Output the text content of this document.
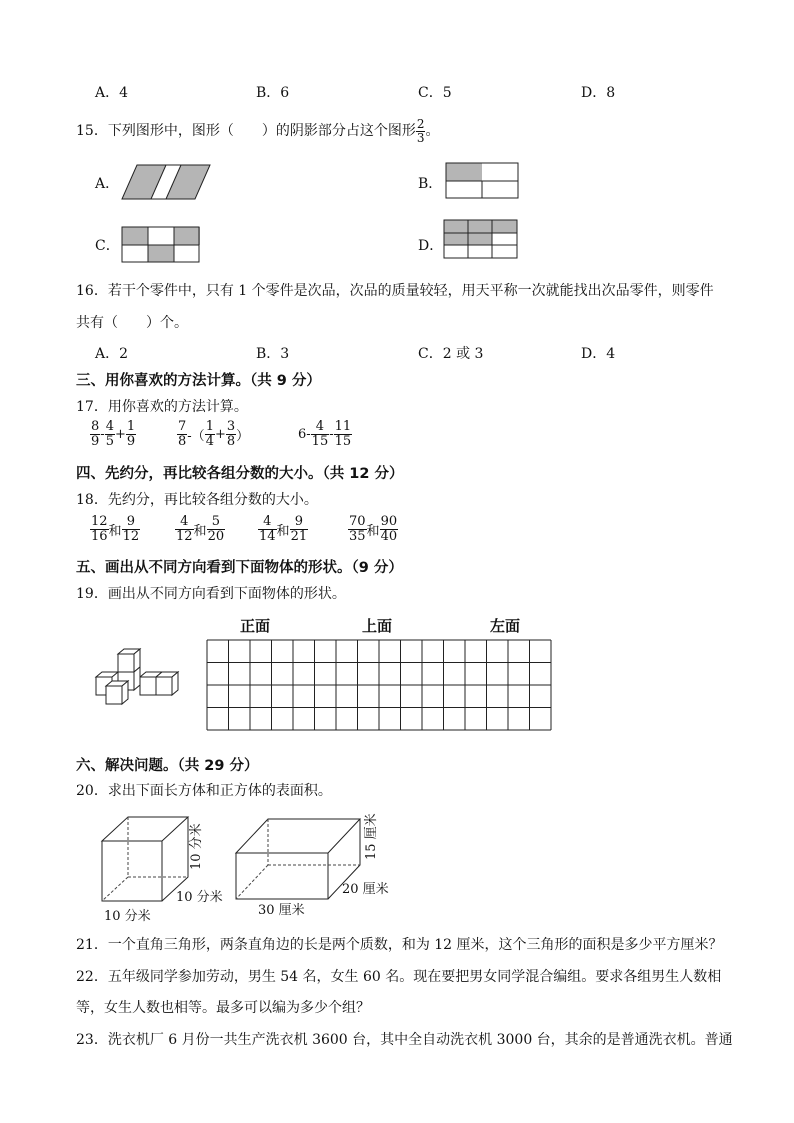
A．4	B．6	C．5	D．8
15．下列图形中，图形（　　）的阴影部分占这个图形 $\frac{2}{3}$ 。
A．	B．
C．	D．
16．若干个零件中，只有 1 个零件是次品，次品的质量较轻，用天平称一次就能找出次品零件，则零件
共有（　　）个。
A．2	B．3	C．2 或 3	D．4
三、用你喜欢的方法计算。（共 9 分）
17．用你喜欢的方法计算。
$\frac{8}{9} - \frac{4}{5} + \frac{1}{9}$	$\frac{7}{8}$ -（ $\frac{1}{4} + \frac{3}{8}$ ）	$6- \frac{4}{15} - \frac{11}{15}$
四、先约分，再比较各组分数的大小。（共 12 分）
18．先约分，再比较各组分数的大小。
$\frac{12}{16}$ 和 $\frac{9}{12}$	$\frac{4}{12}$ 和 $\frac{5}{20}$	$\frac{4}{14}$ 和 $\frac{9}{21}$	$\frac{70}{35}$ 和 $\frac{90}{40}$
五、画出从不同方向看到下面物体的形状。（9 分）
19．画出从不同方向看到下面物体的形状。
正面	上面	左面
六、解决问题。（共 29 分）
20．求出下面长方体和正方体的表面积。
10 分米
10 分米
10 分米
15 厘米
20 厘米
30 厘米
21．一个直角三角形，两条直角边的长是两个质数，和为 12 厘米，这个三角形的面积是多少平方厘米？
22．五年级同学参加劳动，男生 54 名，女生 60 名。现在要把男女同学混合编组。要求各组男生人数相
等，女生人数也相等。最多可以编为多少个组？
23．洗衣机厂 6 月份一共生产洗衣机 3600 台，其中全自动洗衣机 3000 台，其余的是普通洗衣机。普通
